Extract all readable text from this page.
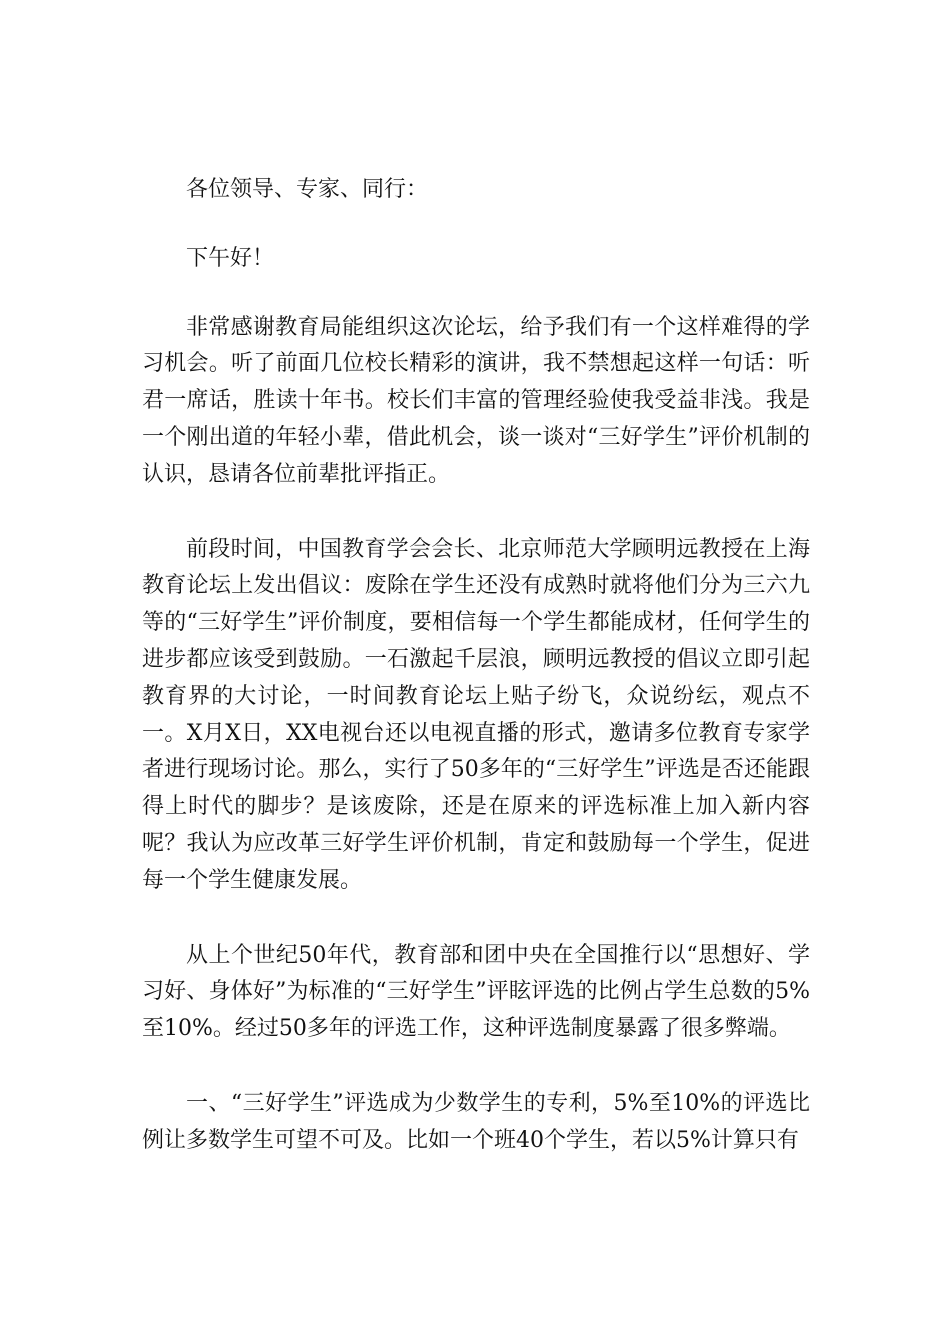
各位领导、专家、同行：

下午好！

非常感谢教育局能组织这次论坛，给予我们有一个这样难得的学习机会。听了前面几位校长精彩的演讲，我不禁想起这样一句话：听君一席话，胜读十年书。校长们丰富的管理经验使我受益非浅。我是一个刚出道的年轻小辈，借此机会，谈一谈对“三好学生”评价机制的认识，恳请各位前辈批评指正。

前段时间，中国教育学会会长、北京师范大学顾明远教授在上海教育论坛上发出倡议：废除在学生还没有成熟时就将他们分为三六九等的“三好学生”评价制度，要相信每一个学生都能成材，任何学生的进步都应该受到鼓励。一石激起千层浪，顾明远教授的倡议立即引起教育界的大讨论，一时间教育论坛上贴子纷飞，众说纷纭，观点不一。X月X日，XX电视台还以电视直播的形式，邀请多位教育专家学者进行现场讨论。那么，实行了50多年的“三好学生”评选是否还能跟得上时代的脚步？是该废除，还是在原来的评选标准上加入新内容呢？我认为应改革三好学生评价机制，肯定和鼓励每一个学生，促进每一个学生健康发展。

从上个世纪50年代，教育部和团中央在全国推行以“思想好、学习好、身体好”为标准的“三好学生”评眩评选的比例占学生总数的5%至10%。经过50多年的评选工作，这种评选制度暴露了很多弊端。

一、“三好学生”评选成为少数学生的专利，5%至10%的评选比例让多数学生可望不可及。比如一个班40个学生，若以5%计算只有
